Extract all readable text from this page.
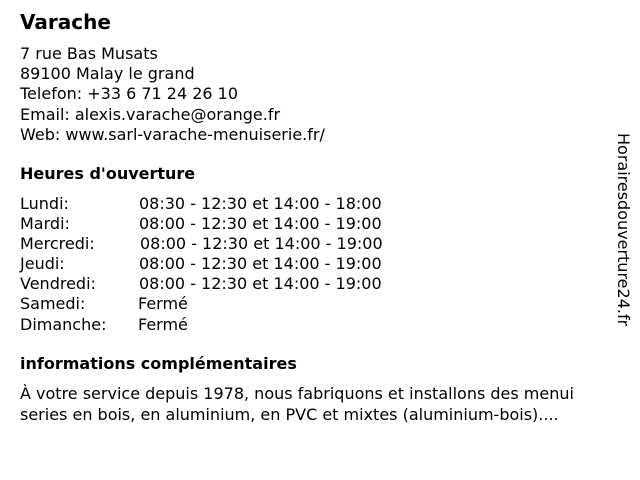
Varache
7 rue Bas Musats
89100 Malay le grand
Telefon: +33 6 71 24 26 10
Email: alexis.varache@orange.fr
Web: www.sarl-varache-menuiserie.fr/
Heures d'ouverture
Lundi:	08:30 - 12:30 et 14:00 - 18:00
Mardi:	08:00 - 12:30 et 14:00 - 19:00
Mercredi:	08:00 - 12:30 et 14:00 - 19:00
Jeudi:	08:00 - 12:30 et 14:00 - 19:00
Vendredi:	08:00 - 12:30 et 14:00 - 19:00
Samedi:	Fermé
Dimanche: Fermé
informations complémentaires
À votre service depuis 1978, nous fabriquons et installons des menui
series en bois, en aluminium, en PVC et mixtes (aluminium-bois)....
Horairesdouverture24.fr
